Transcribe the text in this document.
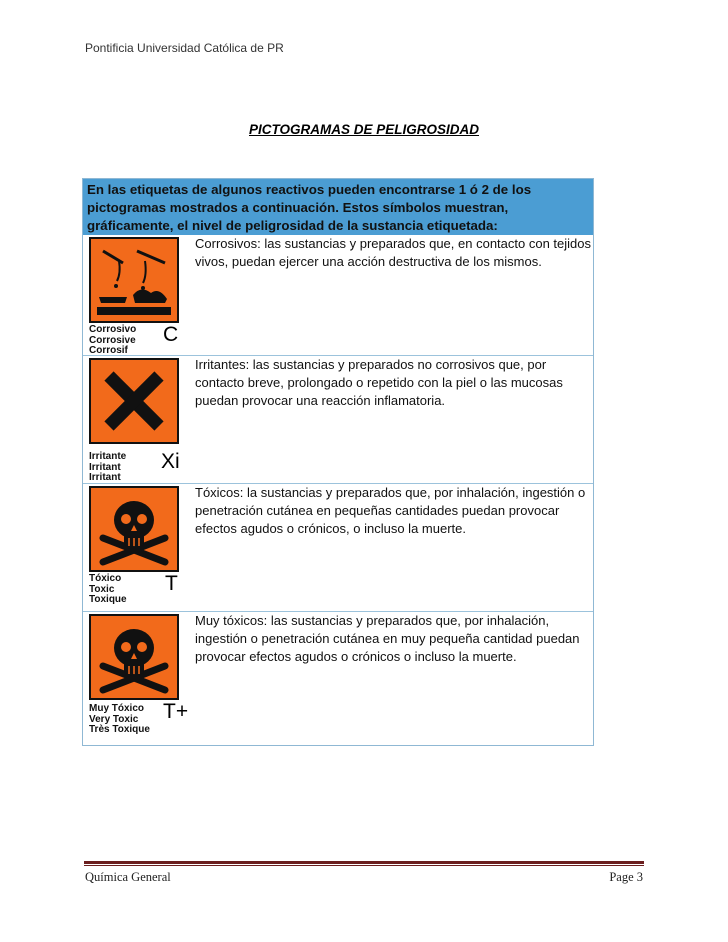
Pontificia Universidad Católica de PR
PICTOGRAMAS DE PELIGROSIDAD
En las etiquetas de algunos reactivos pueden encontrarse 1 ó 2 de los pictogramas mostrados a continuación. Estos símbolos muestran, gráficamente, el nivel de peligrosidad de la sustancia etiquetada:
Corrosivo
Corrosive
Corrosif
C
Corrosivos: las sustancias y preparados que, en contacto con tejidos vivos, puedan ejercer una acción destructiva de los mismos.
Irritante
Irritant
Irritant
Xi
Irritantes: las sustancias y preparados no corrosivos que, por contacto breve, prolongado o repetido con la piel o las mucosas puedan provocar una reacción inflamatoria.
Tóxico
Toxic
Toxique
T
Tóxicos: la sustancias y preparados que, por inhalación, ingestión o penetración cutánea en pequeñas cantidades puedan provocar efectos agudos o crónicos, o incluso la muerte.
Muy Tóxico
Very Toxic
Très Toxique
T+
Muy tóxicos: las sustancias y preparados que, por inhalación, ingestión o penetración cutánea en muy pequeña cantidad puedan provocar efectos agudos o crónicos o incluso la muerte.
Química General	Page 3
